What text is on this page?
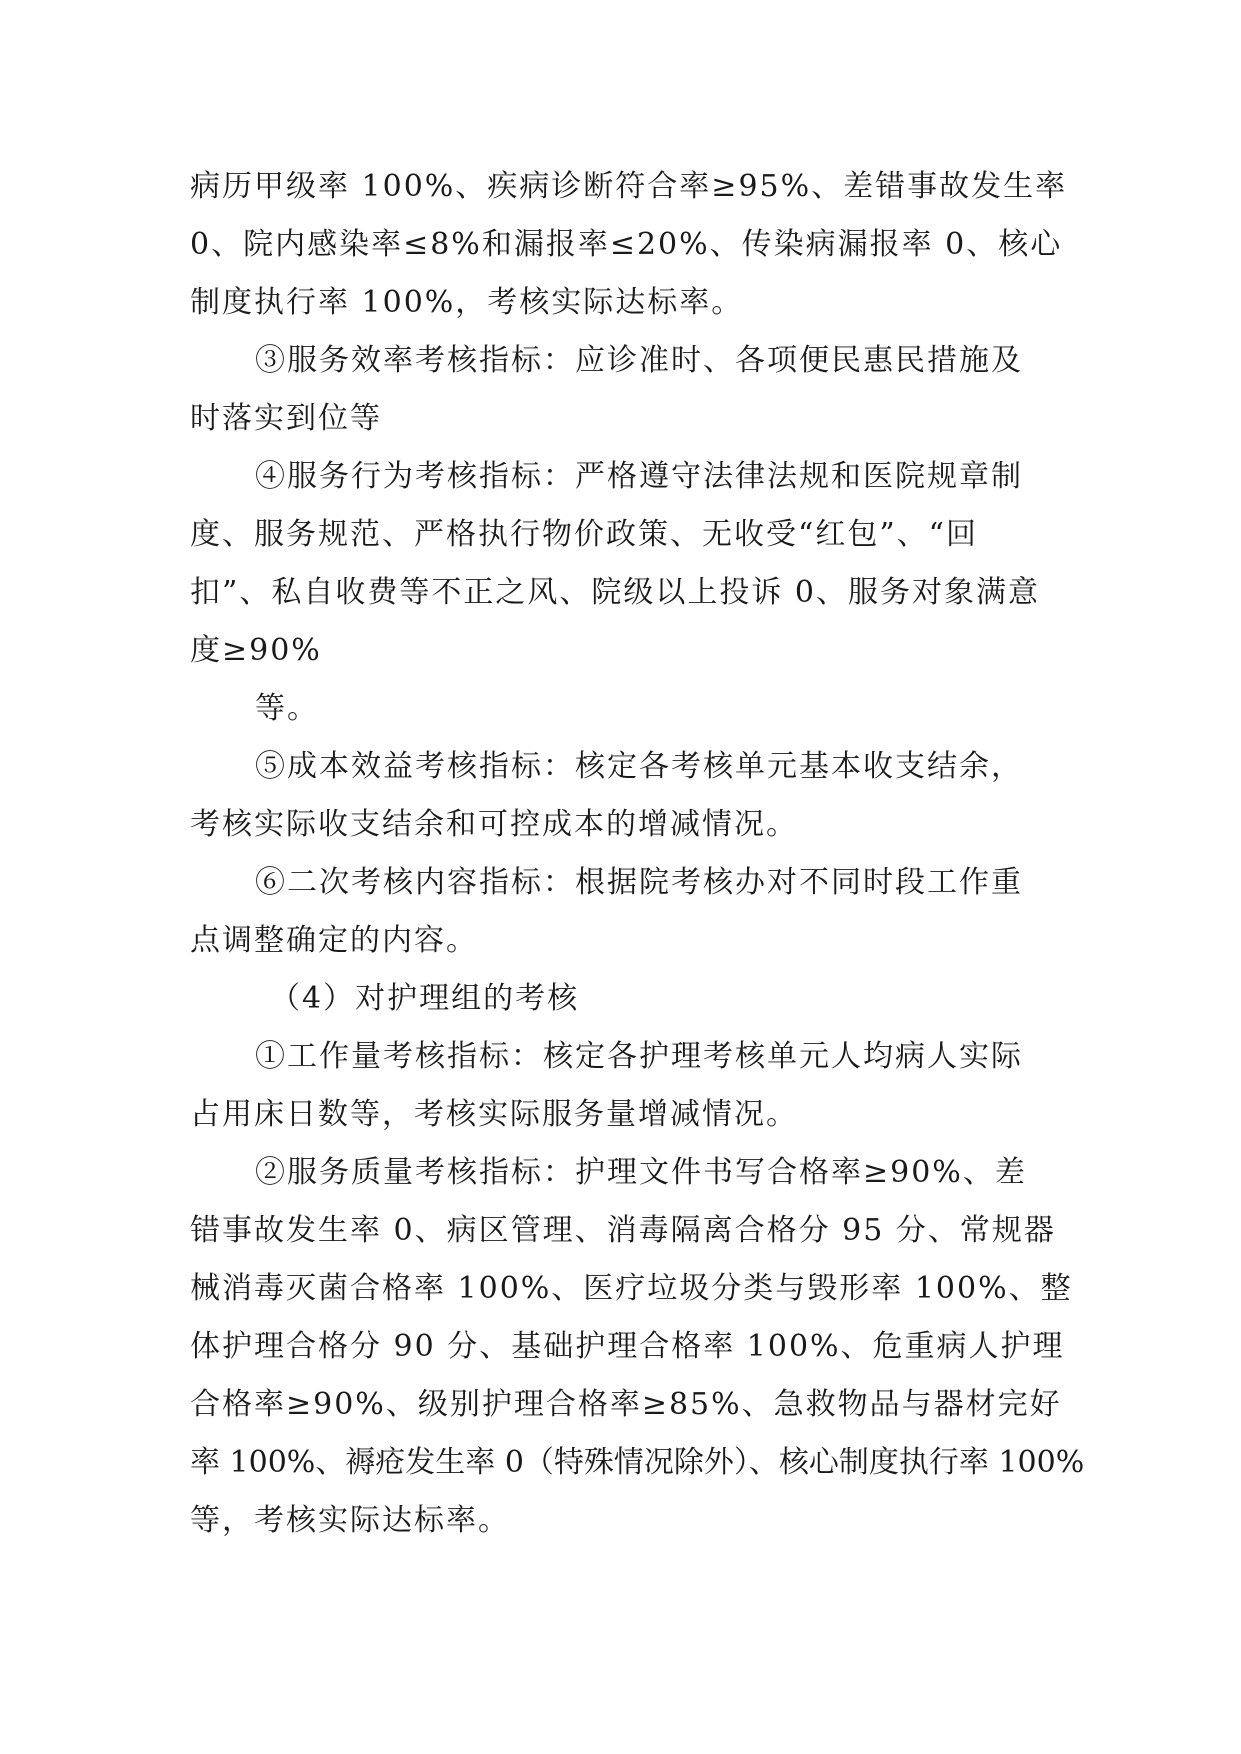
病历甲级率 100%、疾病诊断符合率≥95%、差错事故发生率
0、院内感染率≤8%和漏报率≤20%、传染病漏报率 0、核心
制度执行率 100%，考核实际达标率。
③服务效率考核指标：应诊准时、各项便民惠民措施及
时落实到位等
④服务行为考核指标：严格遵守法律法规和医院规章制
度、服务规范、严格执行物价政策、无收受“红包”、“回
扣”、私自收费等不正之风、院级以上投诉 0、服务对象满意
度≥90%
等。
⑤成本效益考核指标：核定各考核单元基本收支结余，
考核实际收支结余和可控成本的增减情况。
⑥二次考核内容指标：根据院考核办对不同时段工作重
点调整确定的内容。
（4）对护理组的考核
①工作量考核指标：核定各护理考核单元人均病人实际
占用床日数等，考核实际服务量增减情况。
②服务质量考核指标：护理文件书写合格率≥90%、差
错事故发生率 0、病区管理、消毒隔离合格分 95 分、常规器
械消毒灭菌合格率 100%、医疗垃圾分类与毁形率 100%、整
体护理合格分 90 分、基础护理合格率 100%、危重病人护理
合格率≥90%、级别护理合格率≥85%、急救物品与器材完好
率 100%、褥疮发生率 0（特殊情况除外）、核心制度执行率 100%
等，考核实际达标率。
